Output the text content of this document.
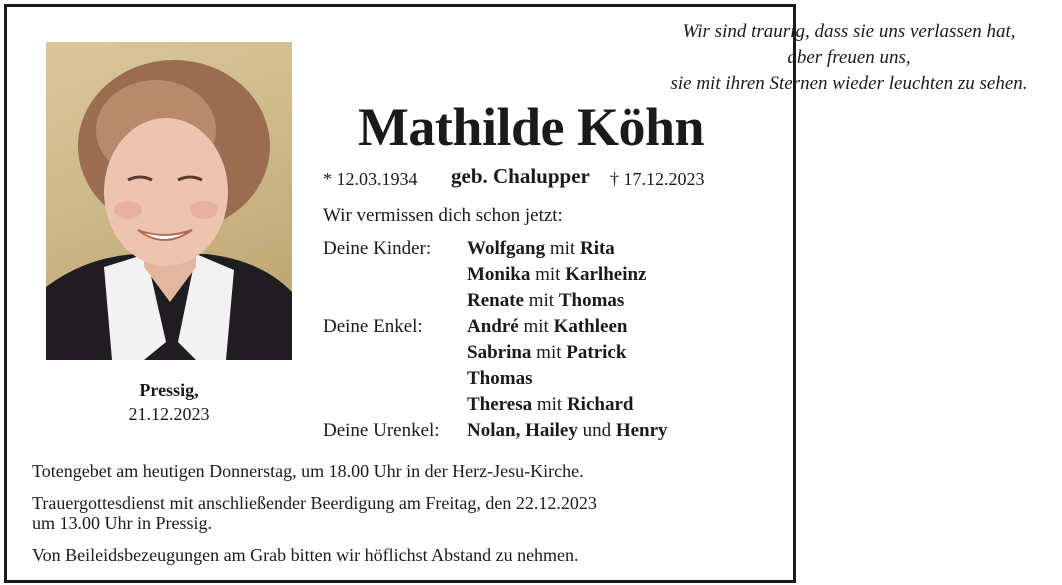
Pressig,
21.12.2023
Wir sind traurig, dass sie uns verlassen hat,
aber freuen uns,
sie mit ihren Sternen wieder leuchten zu sehen.
Mathilde Köhn
* 12.03.1934 geb. Chalupper † 17.12.2023
Wir vermissen dich schon jetzt:
Deine Kinder: Wolfgang mit Rita
Monika mit Karlheinz
Renate mit Thomas
Deine Enkel: André mit Kathleen
Sabrina mit Patrick
Thomas
Theresa mit Richard
Deine Urenkel: Nolan, Hailey und Henry
Totengebet am heutigen Donnerstag, um 18.00 Uhr in der Herz-Jesu-Kirche.
Trauergottesdienst mit anschließender Beerdigung am Freitag, den 22.12.2023
um 13.00 Uhr in Pressig.
Von Beileidsbezeugungen am Grab bitten wir höflichst Abstand zu nehmen.
